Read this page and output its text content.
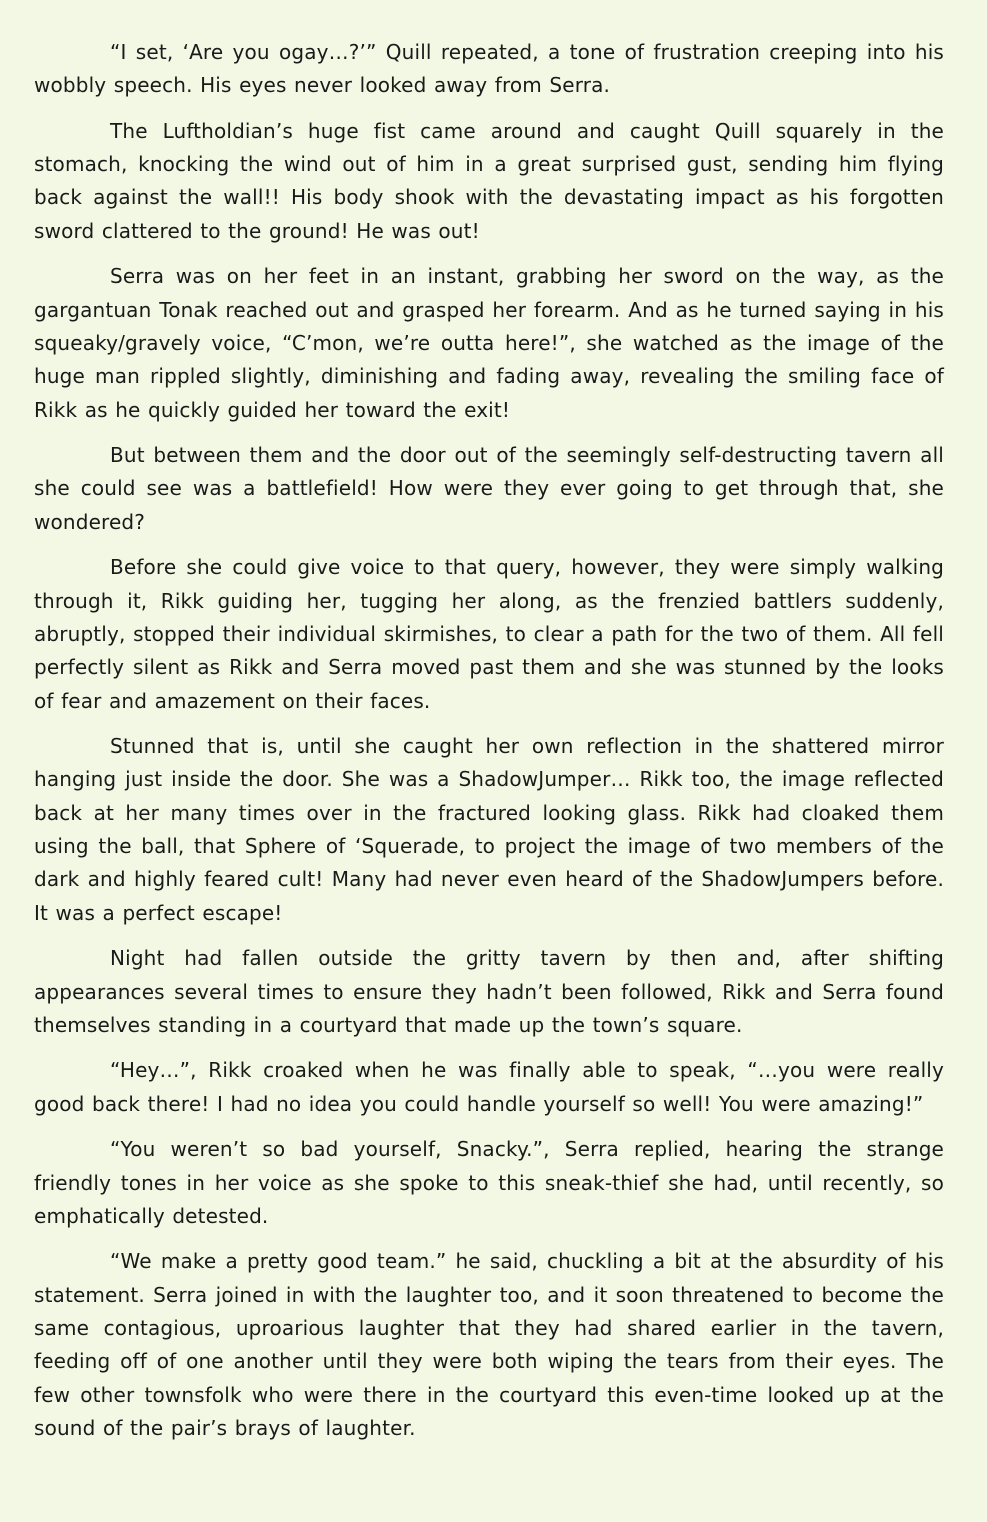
“I set, ‘Are you ogay…?’” Quill repeated, a tone of frustration creeping into his wobbly speech. His eyes never looked away from Serra.

The Luftholdian’s huge fist came around and caught Quill squarely in the stomach, knocking the wind out of him in a great surprised gust, sending him flying back against the wall!! His body shook with the devastating impact as his forgotten sword clattered to the ground! He was out!

Serra was on her feet in an instant, grabbing her sword on the way, as the gargantuan Tonak reached out and grasped her forearm. And as he turned saying in his squeaky/gravely voice, “C’mon, we’re outta here!”, she watched as the image of the huge man rippled slightly, diminishing and fading away, revealing the smiling face of Rikk as he quickly guided her toward the exit!

But between them and the door out of the seemingly self-destructing tavern all she could see was a battlefield! How were they ever going to get through that, she wondered?

Before she could give voice to that query, however, they were simply walking through it, Rikk guiding her, tugging her along, as the frenzied battlers suddenly, abruptly, stopped their individual skirmishes, to clear a path for the two of them. All fell perfectly silent as Rikk and Serra moved past them and she was stunned by the looks of fear and amazement on their faces.

Stunned that is, until she caught her own reflection in the shattered mirror hanging just inside the door. She was a ShadowJumper… Rikk too, the image reflected back at her many times over in the fractured looking glass. Rikk had cloaked them using the ball, that Sphere of ‘Squerade, to project the image of two members of the dark and highly feared cult! Many had never even heard of the ShadowJumpers before. It was a perfect escape!

Night had fallen outside the gritty tavern by then and, after shifting appearances several times to ensure they hadn’t been followed, Rikk and Serra found themselves standing in a courtyard that made up the town’s square.

“Hey…”, Rikk croaked when he was finally able to speak, “…you were really good back there! I had no idea you could handle yourself so well! You were amazing!”

“You weren’t so bad yourself, Snacky.”, Serra replied, hearing the strange friendly tones in her voice as she spoke to this sneak-thief she had, until recently, so emphatically detested.

“We make a pretty good team.” he said, chuckling a bit at the absurdity of his statement. Serra joined in with the laughter too, and it soon threatened to become the same contagious, uproarious laughter that they had shared earlier in the tavern, feeding off of one another until they were both wiping the tears from their eyes. The few other townsfolk who were there in the courtyard this even-time looked up at the sound of the pair’s brays of laughter.
